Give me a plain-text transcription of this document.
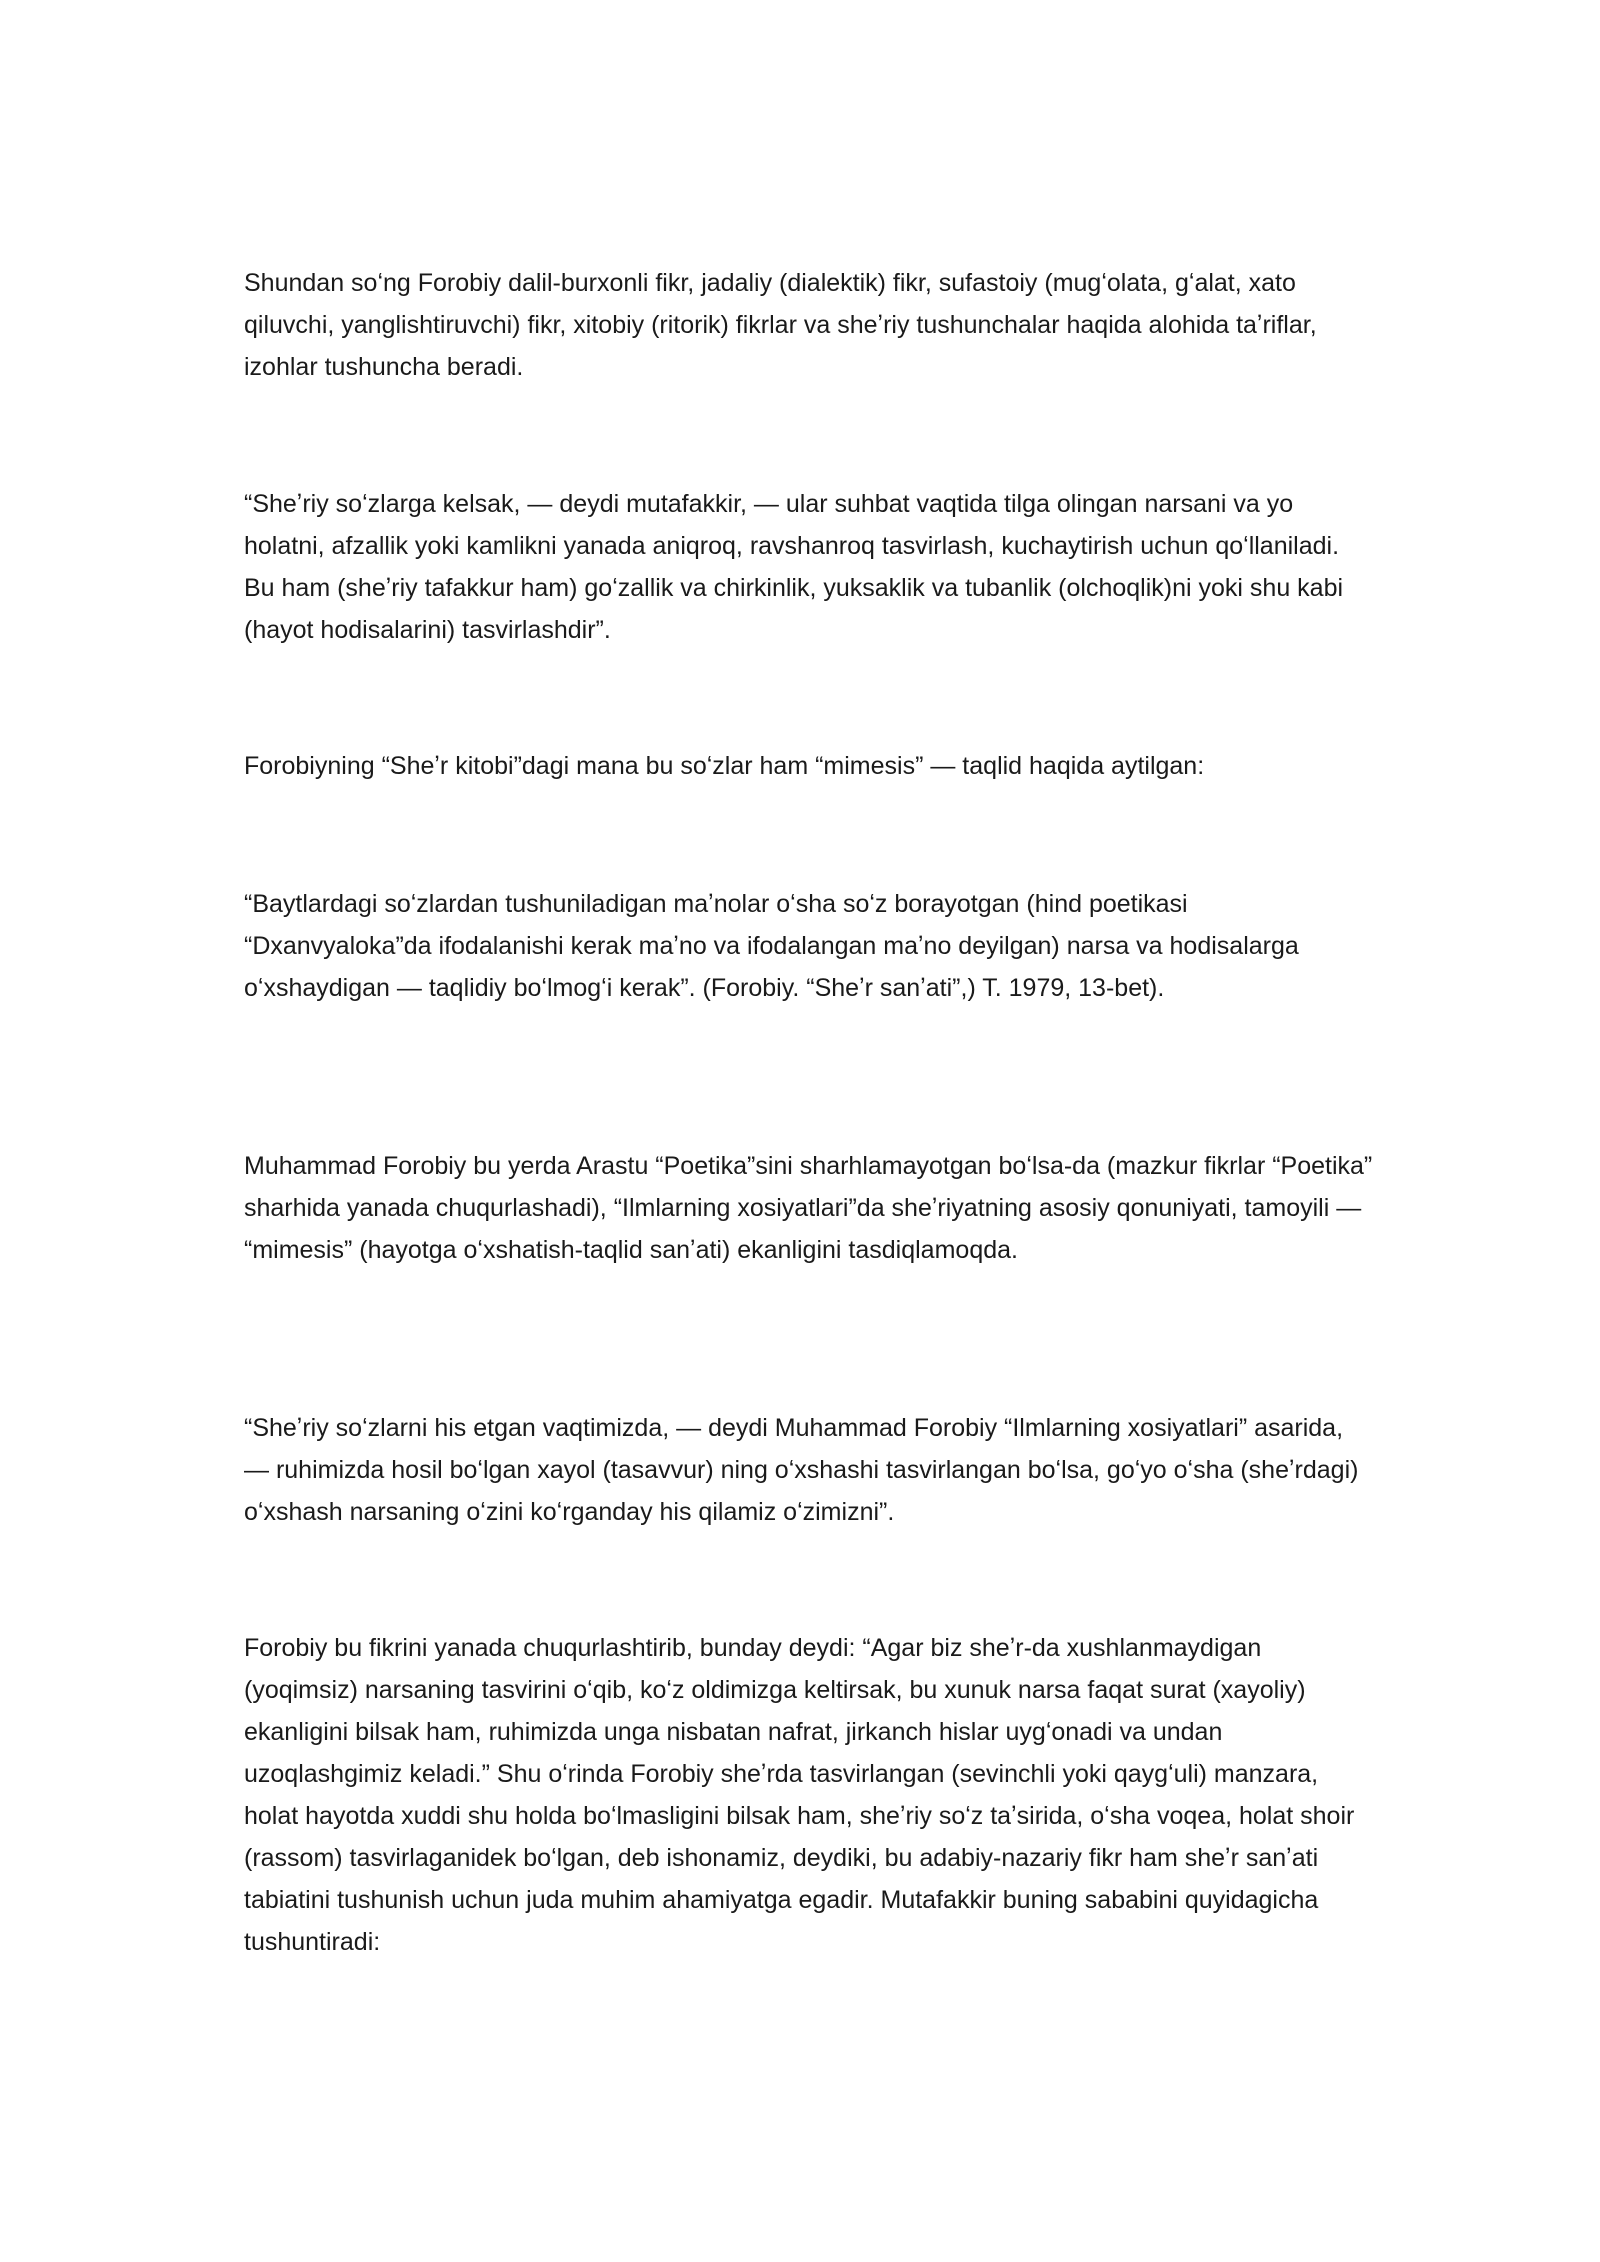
Shundan soʻng Forobiy dalil-burxonli fikr, jadaliy (dialektik) fikr, sufastoiy (mugʻolata, gʻalat, xato qiluvchi, yanglishtiruvchi) fikr, xitobiy (ritorik) fikrlar va sheʼriy tushunchalar haqida alohida taʼriflar, izohlar tushuncha beradi.

“Sheʼriy soʻzlarga kelsak, — deydi mutafakkir, — ular suhbat vaqtida tilga olingan narsani va yo holatni, afzallik yoki kamlikni yanada aniqroq, ravshanroq tasvirlash, kuchaytirish uchun qoʻllaniladi. Bu ham (sheʼriy tafakkur ham) goʻzallik va chirkinlik, yuksaklik va tubanlik (olchoqlik)ni yoki shu kabi (hayot hodisalarini) tasvirlashdir”.

Forobiyning “Sheʼr kitobi”dagi mana bu soʻzlar ham “mimesis” — taqlid haqida aytilgan:

“Baytlardagi soʻzlardan tushuniladigan maʼnolar oʻsha soʻz borayotgan (hind poetikasi “Dxanvyaloka”da ifodalanishi kerak maʼno va ifodalangan maʼno deyilgan) narsa va hodisalarga oʻxshaydigan — taqlidiy boʻlmogʻi kerak”. (Forobiy. “Sheʼr sanʼati”,) T. 1979, 13-bet).

Muhammad Forobiy bu yerda Arastu “Poetika”sini sharhlamayotgan boʻlsa-da (mazkur fikrlar “Poetika” sharhida yanada chuqurlashadi), “Ilmlarning xosiyatlari”da sheʼriyatning asosiy qonuniyati, tamoyili — “mimesis” (hayotga oʻxshatish-taqlid sanʼati) ekanligini tasdiqlamoqda.

“Sheʼriy soʻzlarni his etgan vaqtimizda, — deydi Muhammad Forobiy “Ilmlarning xosiyatlari” asarida, — ruhimizda hosil boʻlgan xayol (tasavvur) ning oʻxshashi tasvirlangan boʻlsa, goʻyo oʻsha (sheʼrdagi) oʻxshash narsaning oʻzini koʻrganday his qilamiz oʻzimizni”.

Forobiy bu fikrini yanada chuqurlashtirib, bunday deydi: “Agar biz sheʼr-da xushlanmaydigan (yoqimsiz) narsaning tasvirini oʻqib, koʻz oldimizga keltirsak, bu xunuk narsa faqat surat (xayoliy) ekanligini bilsak ham, ruhimizda unga nisbatan nafrat, jirkanch hislar uygʻonadi va undan uzoqlashgimiz keladi.” Shu oʻrinda Forobiy sheʼrda tasvirlangan (sevinchli yoki qaygʻuli) manzara, holat hayotda xuddi shu holda boʻlmasligini bilsak ham, sheʼriy soʻz taʼsirida, oʻsha voqea, holat shoir (rassom) tasvirlaganidek boʻlgan, deb ishonamiz, deydiki, bu adabiy-nazariy fikr ham sheʼr sanʼati tabiatini tushunish uchun juda muhim ahamiyatga egadir. Mutafakkir buning sababini quyidagicha tushuntiradi:
